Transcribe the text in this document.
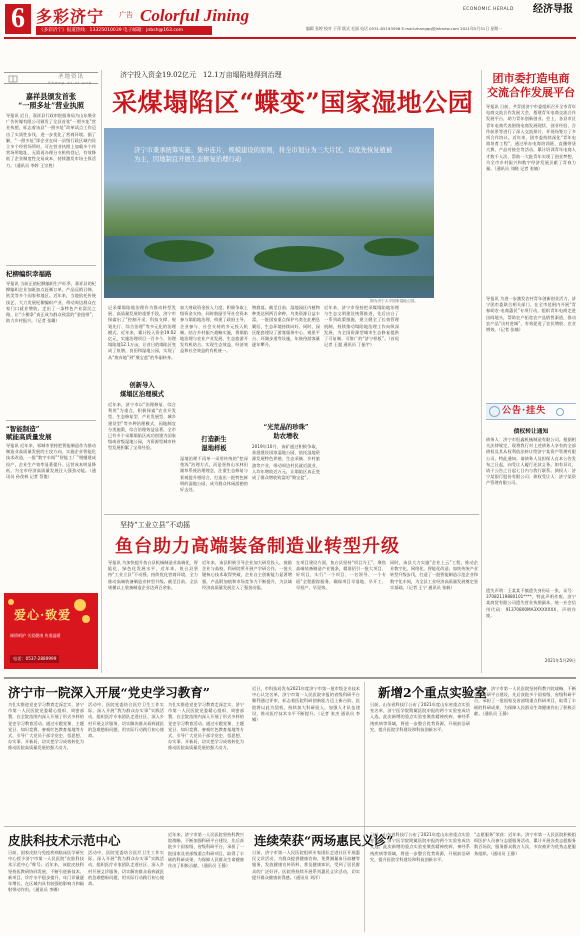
6 多彩济宁 广告 Colorful Jining
《多彩济宁》报道热线：13325010039 电子邮箱：jnbsh@163.com
ECONOMIC HERALD 经济导报
编辑 张婷 校对 于萍 版式 毛丽 电话 0531-85193598 E-mail:zhangqq@jnbnew.com 2021年5月31日 星期一
圣地资讯
Sheng di zi xun
嘉祥县颁发首张
“一照多址”营业执照
导报讯 近日，嘉祥县行政审批服务局为山东聚业广告传媒有限公司颁发了全县首张“一照多址”营业执照，标志着该县“一照多址”改革试点工作迈出了实质性步伐，进一步优化了营商环境。据了解，“一照多址”即企业在同一县级行政区域内设立多个经营场所时，可在营业执照上加载多个经营场所地址，无需再办理分支机构登记，有效降低了企业制度性交易成本，持续激发市场主体活力。（通讯员 李婷 王宗胜）
杞柳编织幸福路
导报讯 当前正值杞柳编织生产旺季，嘉祥县的杞柳编织企业加班加点赶制订单，产品远销日韩、欧美等多个国家和地区。近年来，当地依托传统技艺，大力发展杞柳编织产业，带动周边群众在家门口就业增收，走出了一条特色产业富民之路，让“小柳条”真正成为群众致富的“金纽带”，助力乡村振兴。（记者 张璐）
“智能制造”
赋能高质量发展
导报讯 近年来，邹城市坚持把智能制造作为推动制造业高质量发展的主攻方向，实施企业智能化技术改造，一批“数字车间”“智能工厂”相继建成投产，企业生产效率显著提升，运营成本明显降低，为全市经济高质量发展注入强劲动能。（通讯员 孙茂林 记者 蔡俊）
爱心·致爱
倾情呵护 关爱健康 传递温暖
电话：0537-2889999
济宁投入资金19.02亿元　12.1万亩塌陷地得到治理
采煤塌陷区“蝶变”国家湿地公园
济宁市秉承统筹实施、集中连片、规模建设的原则，将全市划分为三大片区，以优先恢复植被为主，因地制宜开展生态修复治理行动
图为济宁太平国家湿地公园。
记采煤塌陷地治理作为推动转型发展、高质量发展的重要手段，济宁市探索出了“控制开采、科技支撑、规划先行、综合治理”等多元化的治理模式。近年来，累计投入资金19.02亿元，实施治理项目一百多个，治理塌陷地12.1万亩，让昔日的塌陷区变成了鱼塘、良田和湿地公园，实现了从“废弃地”到“聚宝盆”的华丽转身。
创新导入
煤塌区治理模式
近年来，济宁市以“治理修复、综合利用”为重点，积极探索“农业开发型、生态修复型、产业发展型、城乡建设型”等多种治理模式，因地制宜分类施策，综合治理效益显著，全市已有多个采煤塌陷区成功创建为国家级或省级湿地公园，为资源型城市转型发展积累了宝贵经验。
加大财政资金投入力度，积极争取上级资金支持，同时鼓励引导社会资本参与塌陷地治理，构建了政府主导、企业参与、社会支持的多元投入机制。结合乡村振兴战略实施，将塌陷地治理与农业产业发展、生态旅游开发有机结合，实现生态效益、经济效益和社会效益的有机统一。
打造新生
湿地样板
湿地治理不再单一采用传统的“挖深垫浅”治理方式，而是坚持山水林田湖草系统治理理念，注重生态修复与景观提升相结合，打造出一批特色鲜明的湿地公园，成为群众休闲游憩的好去处。
物群落。截至目前，湿地园区内植物种类达到两百余种，鸟类资源日益丰富，一批国家重点保护鸟类在此栖息繁衍，生态环境持续向好。同时，园区配套建设了游客服务中心、观景平台、环湖步道等设施，年接待游客量逐年攀升。
“光荒晶的珍珠”
助农增收
2019年10月，该矿通过积极争取，获批建设国家湿地公园，依托湿地资源发展特色养殖、生态采摘、乡村旅游等产业，带动周边村民就近就业，人均年增收近万元，让塌陷区真正变成了群众增收致富的“聚宝盆”。
近年来，济宁市坚持把采煤塌陷地治理与生态文明建设统筹推进，先后出台了一系列政策措施，建立健全了长效管理机制，持续推动塌陷地治理工作向纵深发展，为全国资源型城市生态修复提供了可复制、可推广的“济宁样板”。（首尾 记者 王超 通讯员 丁振宇）
坚持“工业立县”不动摇
鱼台助力高端装备制造业转型升级
导报讯 为加快提升鱼台县机械制造业高端化、智能化、绿色化发展水平，近年来，鱼台县坚持“工业立县”不动摇，持续优化营商环境，全力推动高端装备制造业转型升级。截至目前，全县规模以上装备制造企业达到百余家。
近年来，该县积极引导企业加大研发投入，鼓励企业与高校、科研院所开展产学研合作，一批关键核心技术取得突破，企业自主创新能力显著增强，产品附加值和市场竞争力不断提升，为县域经济高质量发展注入了强劲动能。
在项目建设方面，鱼台县坚持“项目为王”，聚焦高端装备制造产业链条，精准招引一批大项目、好项目，实行“一个项目、一名领导、一个专班”全程跟踪服务，确保项目早落地、早开工、早投产、早见效。
同时，该县大力实施“企业上云”工程，推动企业数字化、网络化、智能化改造，加快传统产业转型升级步伐，打造了一批智能制造示范企业和数字化车间，为全县工业经济高质量发展奠定坚实基础。（记者 王宁 通讯员 张帆）
团市委打造电商
交流合作发展平台
导报讯 日前，共青团济宁市委组织召开全市青年电商交流合作发展大会，搭建青年电商交流合作发展平台，助力青年创新创业。会上，各县市区青年电商代表围绕电商发展现状、创业经验、合作前景等进行了深入交流探讨，并现场签订了多项合作协议。近年来，团市委持续深化“青年电商培育工程”，通过举办电商培训班、直播带货大赛、产品对接会等活动，累计培训青年电商人才数千人次，帮助一大批青年实现了创业梦想，为全市乡村振兴和数字经济发展贡献了青春力量。（通讯员 刘晓 记者 张楠）
导报讯 为进一步激发农村青年创新创业活力，济宁团市委联合相关部门，在全市范围内开展“青春助农·电商惠民”专项行动，组织青年电商走进田间地头，帮助农户拓宽农产品销售渠道，推动农产品“出村进城”，有效促进了农民增收、农业增效。（记者 张楠）
公告·挂失
债权转让通知
债务人：济宁市恒鑫机械制造有限公司。根据相关法律规定，现将我行对上述债务人享有的全部债权及其从权利依法转让给济宁某资产管理有限公司，特此通知。请债务人及担保人自本公告发布之日起，向受让人履行还款义务。如有异议，请于公告之日起七日内与我行联系。债权人：济宁某银行股份有限公司；债权受让人：济宁某资产管理有限公司。
遗失声明：王某某不慎遗失身份证一张，证号：37082119880101****，特此声明作废。济宁某商贸有限公司遗失营业执照副本，统一社会信用代码：91370800MA3XXXXXXX，声明作废。
2021年5月29日
济宁市一院深入开展“党史学习教育”
为扎实推进党史学习教育走深走实，济宁市第一人民医院党委精心组织、周密部署，在全院范围内深入开展了形式多样的党史学习教育活动。通过专题党课、主题党日、知识竞赛、参观红色教育基地等方式，引导广大党员干部学党史、悟思想、办实事、开新局，切实把学习成效转化为推动医院高质量发展的强大动力。
活动中，医院党委结合医疗卫生工作实际，深入开展“我为群众办实事”实践活动，组织医疗专家团队走进社区、深入乡村开展义诊服务，切实解决群众看病就医的急难愁盼问题，用实际行动践行初心使命。
为扎实推进党史学习教育走深走实，济宁市第一人民医院党委精心组织、周密部署，在全院范围内深入开展了形式多样的党史学习教育活动。通过专题党课、主题党日、知识竞赛、参观红色教育基地等方式，引导广大党员干部学党史、悟思想、办实事、开新局，切实把学习成效转化为推动医院高质量发展的强大动力。
近日，市科技局发布2021年度济宁市第一批市级企业技术中心认定名单，济宁市第一人民医院申报的省级科研平台顺利通过评审，标志着医院科研创新能力迈上新台阶。医院将以此为契机，持续加大科研投入，加强人才队伍建设，推动医疗技术水平不断提升。（记者 张杰 通讯员 李娜）
新增2个重点实验室
日前，山东省科技厅公布了2021年度山东省重点实验室名单，济宁医学院附属医院申报的两个实验室成功入选。此次新增的重点实验室聚焦精神疾病、神经系统疾病等领域，将进一步整合优势资源，开展前沿研究，提升医院学科建设和科技创新水平。
近年来，济宁市第一人民医院坚持科教兴院战略，不断加强科研平台建设，先后获批多个国家级、省级科研平台，承担了一批国家及省部级重点科研项目，取得了丰硕的科研成果，为保障人民群众生命健康作出了积极贡献。（通讯员 王静）
皮肤科技术示范中心
日前，国家皮肤与免疫疾病临床医学研究中心授予济宁市第一人民医院“皮肤科技术示范中心”称号。近年来，该院皮肤科坚持医教研协同发展，不断引进新技术、新项目，诊疗水平稳步提升，年门诊量逐年增长，在区域内具有较强的影响力和辐射带动作用。（通讯员 李娜）
活动中，医院党委结合医疗卫生工作实际，深入开展“我为群众办实事”实践活动，组织医疗专家团队走进社区、深入乡村开展义诊服务，切实解决群众看病就医的急难愁盼问题，用实际行动践行初心使命。
近年来，济宁市第一人民医院坚持科教兴院战略，不断加强科研平台建设，先后获批多个国家级、省级科研平台，承担了一批国家及省部级重点科研项目，取得了丰硕的科研成果，为保障人民群众生命健康作出了积极贡献。（通讯员 王静）
连续荣获“两场惠民义诊”
日前，济宁市第一人民医院组织专家团队走进社区开展惠民义诊活动，为群众提供健康咨询、免费测量血压血糖等服务，发放健康宣传资料，普及健康知识，受到了居民群众的广泛好评。医院将持续开展系列惠民义诊活动，切实提升群众健康获得感。（通讯员 刘洋）
日前，山东省科技厅公布了2021年度山东省重点实验室名单，济宁医学院附属医院申报的两个实验室成功入选。此次新增的重点实验室聚焦精神疾病、神经系统疾病等领域，将进一步整合优势资源，开展前沿研究，提升医院学科建设和科技创新水平。
“志愿服务”荣获：近年来，济宁市第一人民医院积极组织医护人员参与志愿服务活动，累计开展各类志愿服务数百场次，服务群众数万人次，多次被评为优秀志愿服务组织。（通讯员 王静）
